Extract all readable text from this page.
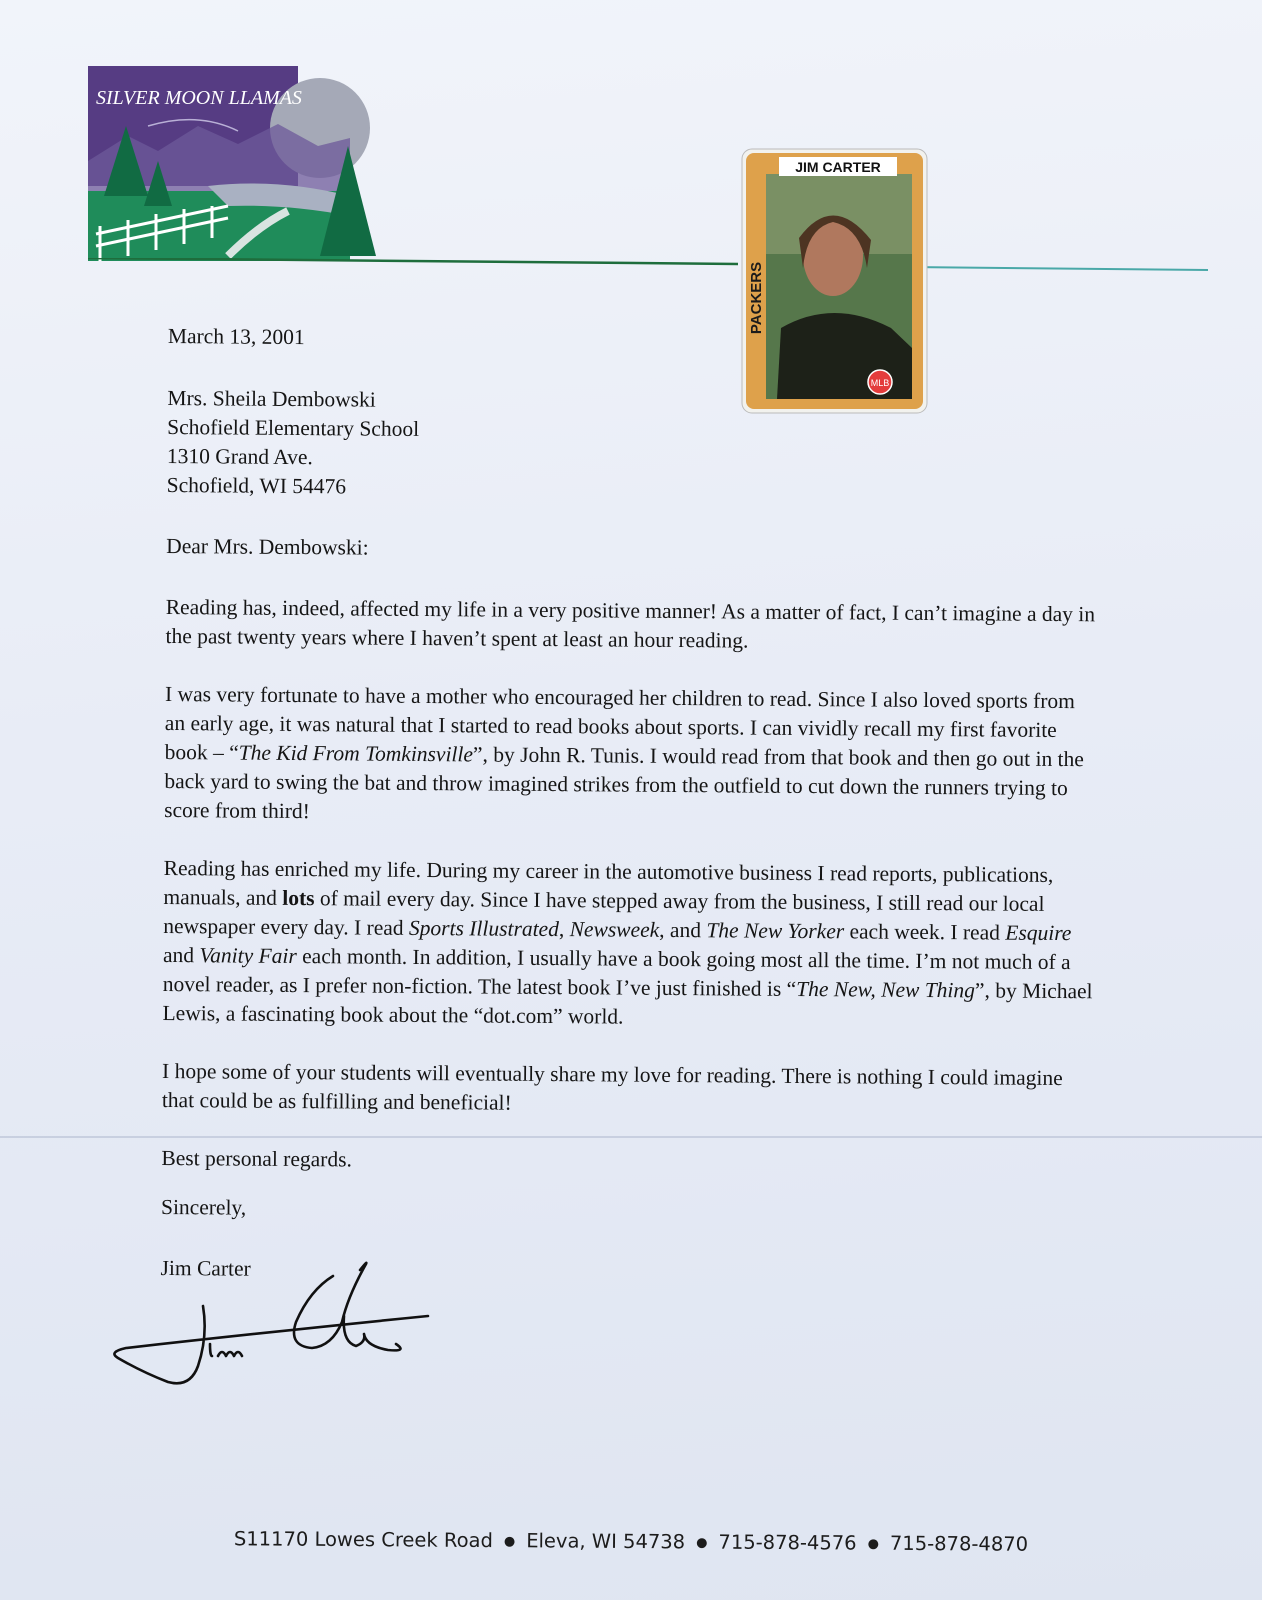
SILVER MOON LLAMAS
JIM CARTER
PACKERS
MLB

March 13, 2001

Mrs. Sheila Dembowski
Schofield Elementary School
1310 Grand Ave.
Schofield, WI 54476

Dear Mrs. Dembowski:

Reading has, indeed, affected my life in a very positive manner! As a matter of fact, I can’t imagine a day in the past twenty years where I haven’t spent at least an hour reading.

I was very fortunate to have a mother who encouraged her children to read. Since I also loved sports from an early age, it was natural that I started to read books about sports. I can vividly recall my first favorite book – “The Kid From Tomkinsville”, by John R. Tunis. I would read from that book and then go out in the back yard to swing the bat and throw imagined strikes from the outfield to cut down the runners trying to score from third!

Reading has enriched my life. During my career in the automotive business I read reports, publications, manuals, and lots of mail every day. Since I have stepped away from the business, I still read our local newspaper every day. I read Sports Illustrated, Newsweek, and The New Yorker each week. I read Esquire and Vanity Fair each month. In addition, I usually have a book going most all the time. I’m not much of a novel reader, as I prefer non-fiction. The latest book I’ve just finished is “The New, New Thing”, by Michael Lewis, a fascinating book about the “dot.com” world.

I hope some of your students will eventually share my love for reading. There is nothing I could imagine that could be as fulfilling and beneficial!

Best personal regards.

Sincerely,

Jim Carter

S11170 Lowes Creek Road ● Eleva, WI 54738 ● 715-878-4576 ● 715-878-4870
